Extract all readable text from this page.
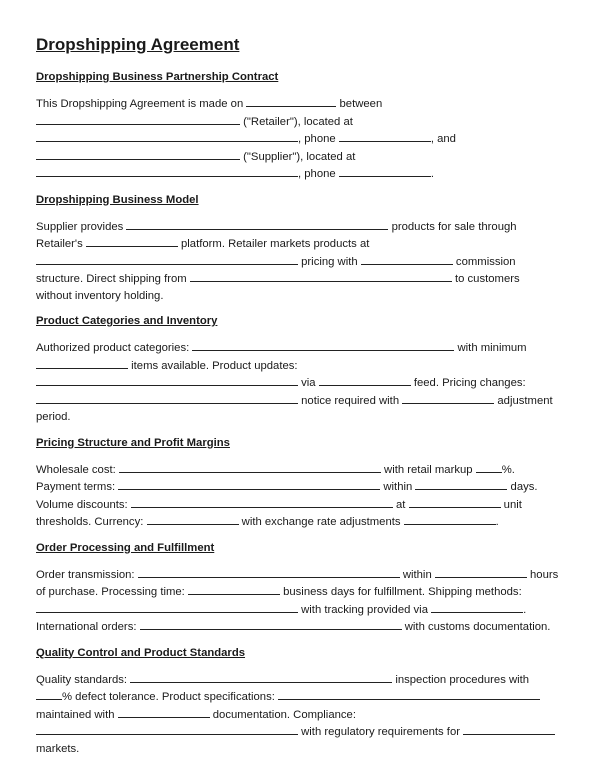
Dropshipping Agreement
Dropshipping Business Partnership Contract
This Dropshipping Agreement is made on	between
("Retailer"), located at
, phone	, and
("Supplier"), located at
, phone	.
Dropshipping Business Model
Supplier provides	products for sale through
Retailer's	platform. Retailer markets products at
pricing with	commission
structure. Direct shipping from	to customers
without inventory holding.
Product Categories and Inventory
Authorized product categories:	with minimum
items available. Product updates:
via	feed. Pricing changes:
notice required with	adjustment
period.
Pricing Structure and Profit Margins
Wholesale cost:	with retail markup %.
Payment terms:	within	days.
Volume discounts:	at	unit
thresholds. Currency:	with exchange rate adjustments	.
Order Processing and Fulfillment
Order transmission:	within	hours
of purchase. Processing time:	business days for fulfillment. Shipping methods:
with tracking provided via	.
International orders:	with customs documentation.
Quality Control and Product Standards
Quality standards:	inspection procedures with
% defect tolerance. Product specifications:
maintained with	documentation. Compliance:
with regulatory requirements for
markets.
